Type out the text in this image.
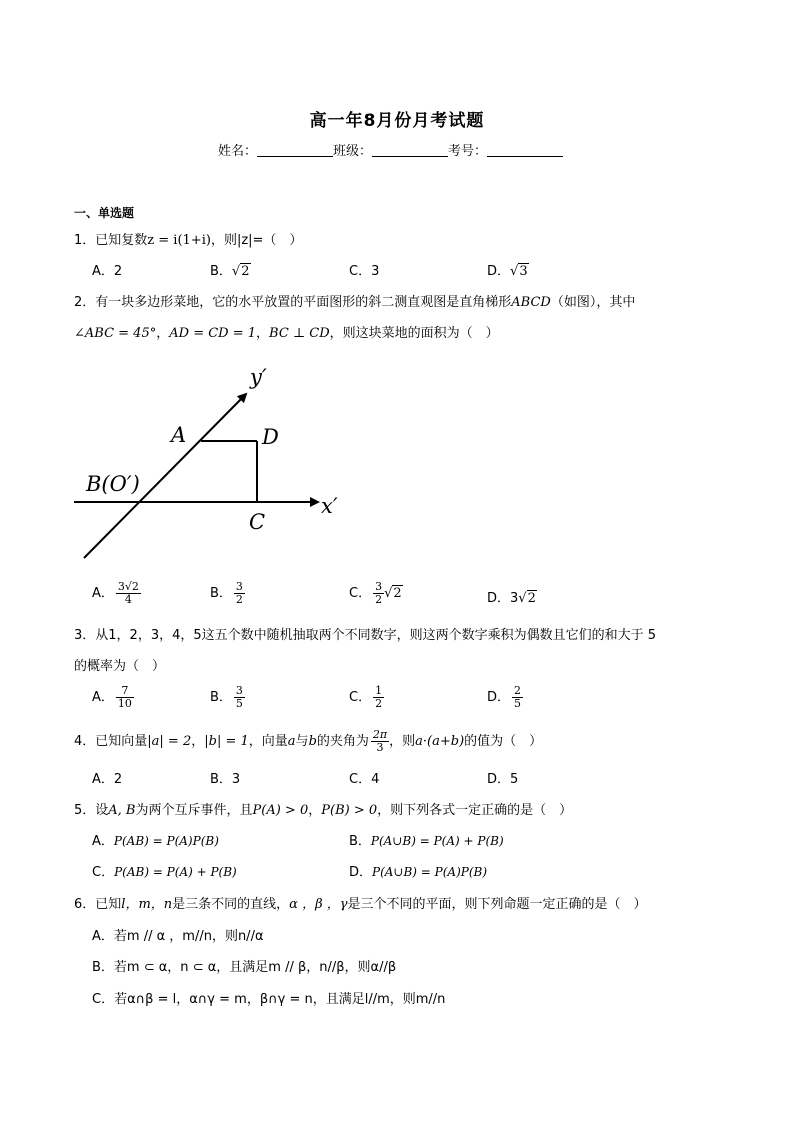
高一年8月份月考试题
姓名：	班级：	考号：
一、单选题
1．已知复数z = i(1+i)，则|z|=（　）
A．2	B．√2	C．3	D．√3
2．有一块多边形菜地，它的水平放置的平面图形的斜二测直观图是直角梯形ABCD（如图），其中
∠ABC = 45°，AD = CD = 1，BC ⊥ CD，则这块菜地的面积为（　）
A	D
B(O′)
C
x′
y′
A． $\frac{3√2}{4}$	B． $\frac{3}{2}$	C． $\frac{3}{2} √2$	D．3√2
3．从1，2，3，4，5这五个数中随机抽取两个不同数字，则这两个数字乘积为偶数且它们的和大于 5
的概率为（　）
A． $\frac{7}{10}$	B． $\frac{3}{5}$	C． $\frac{1}{2}$	D． $\frac{2}{5}$
4．已知向量|a| = 2，|b| = 1，向量a与b的夹角为 $\frac{2\pi}{3}$ ，则a·(a+b)的值为（　）
A．2	B．3	C．4	D．5
5．设A, B为两个互斥事件，且P(A) > 0，P(B) > 0，则下列各式一定正确的是（　）
A．P(AB) = P(A)P(B)	B．P(A∪B) = P(A) + P(B)
C．P(AB) = P(A) + P(B)	D．P(A∪B) = P(A)P(B)
6．已知l，m，n是三条不同的直线，α ，β ，γ是三个不同的平面，则下列命题一定正确的是（　）
A．若m // α ，m//n，则n//α
B．若m ⊂ α，n ⊂ α，且满足m // β，n//β，则α//β
C．若α∩β = l，α∩γ = m，β∩γ = n，且满足l//m，则m//n
